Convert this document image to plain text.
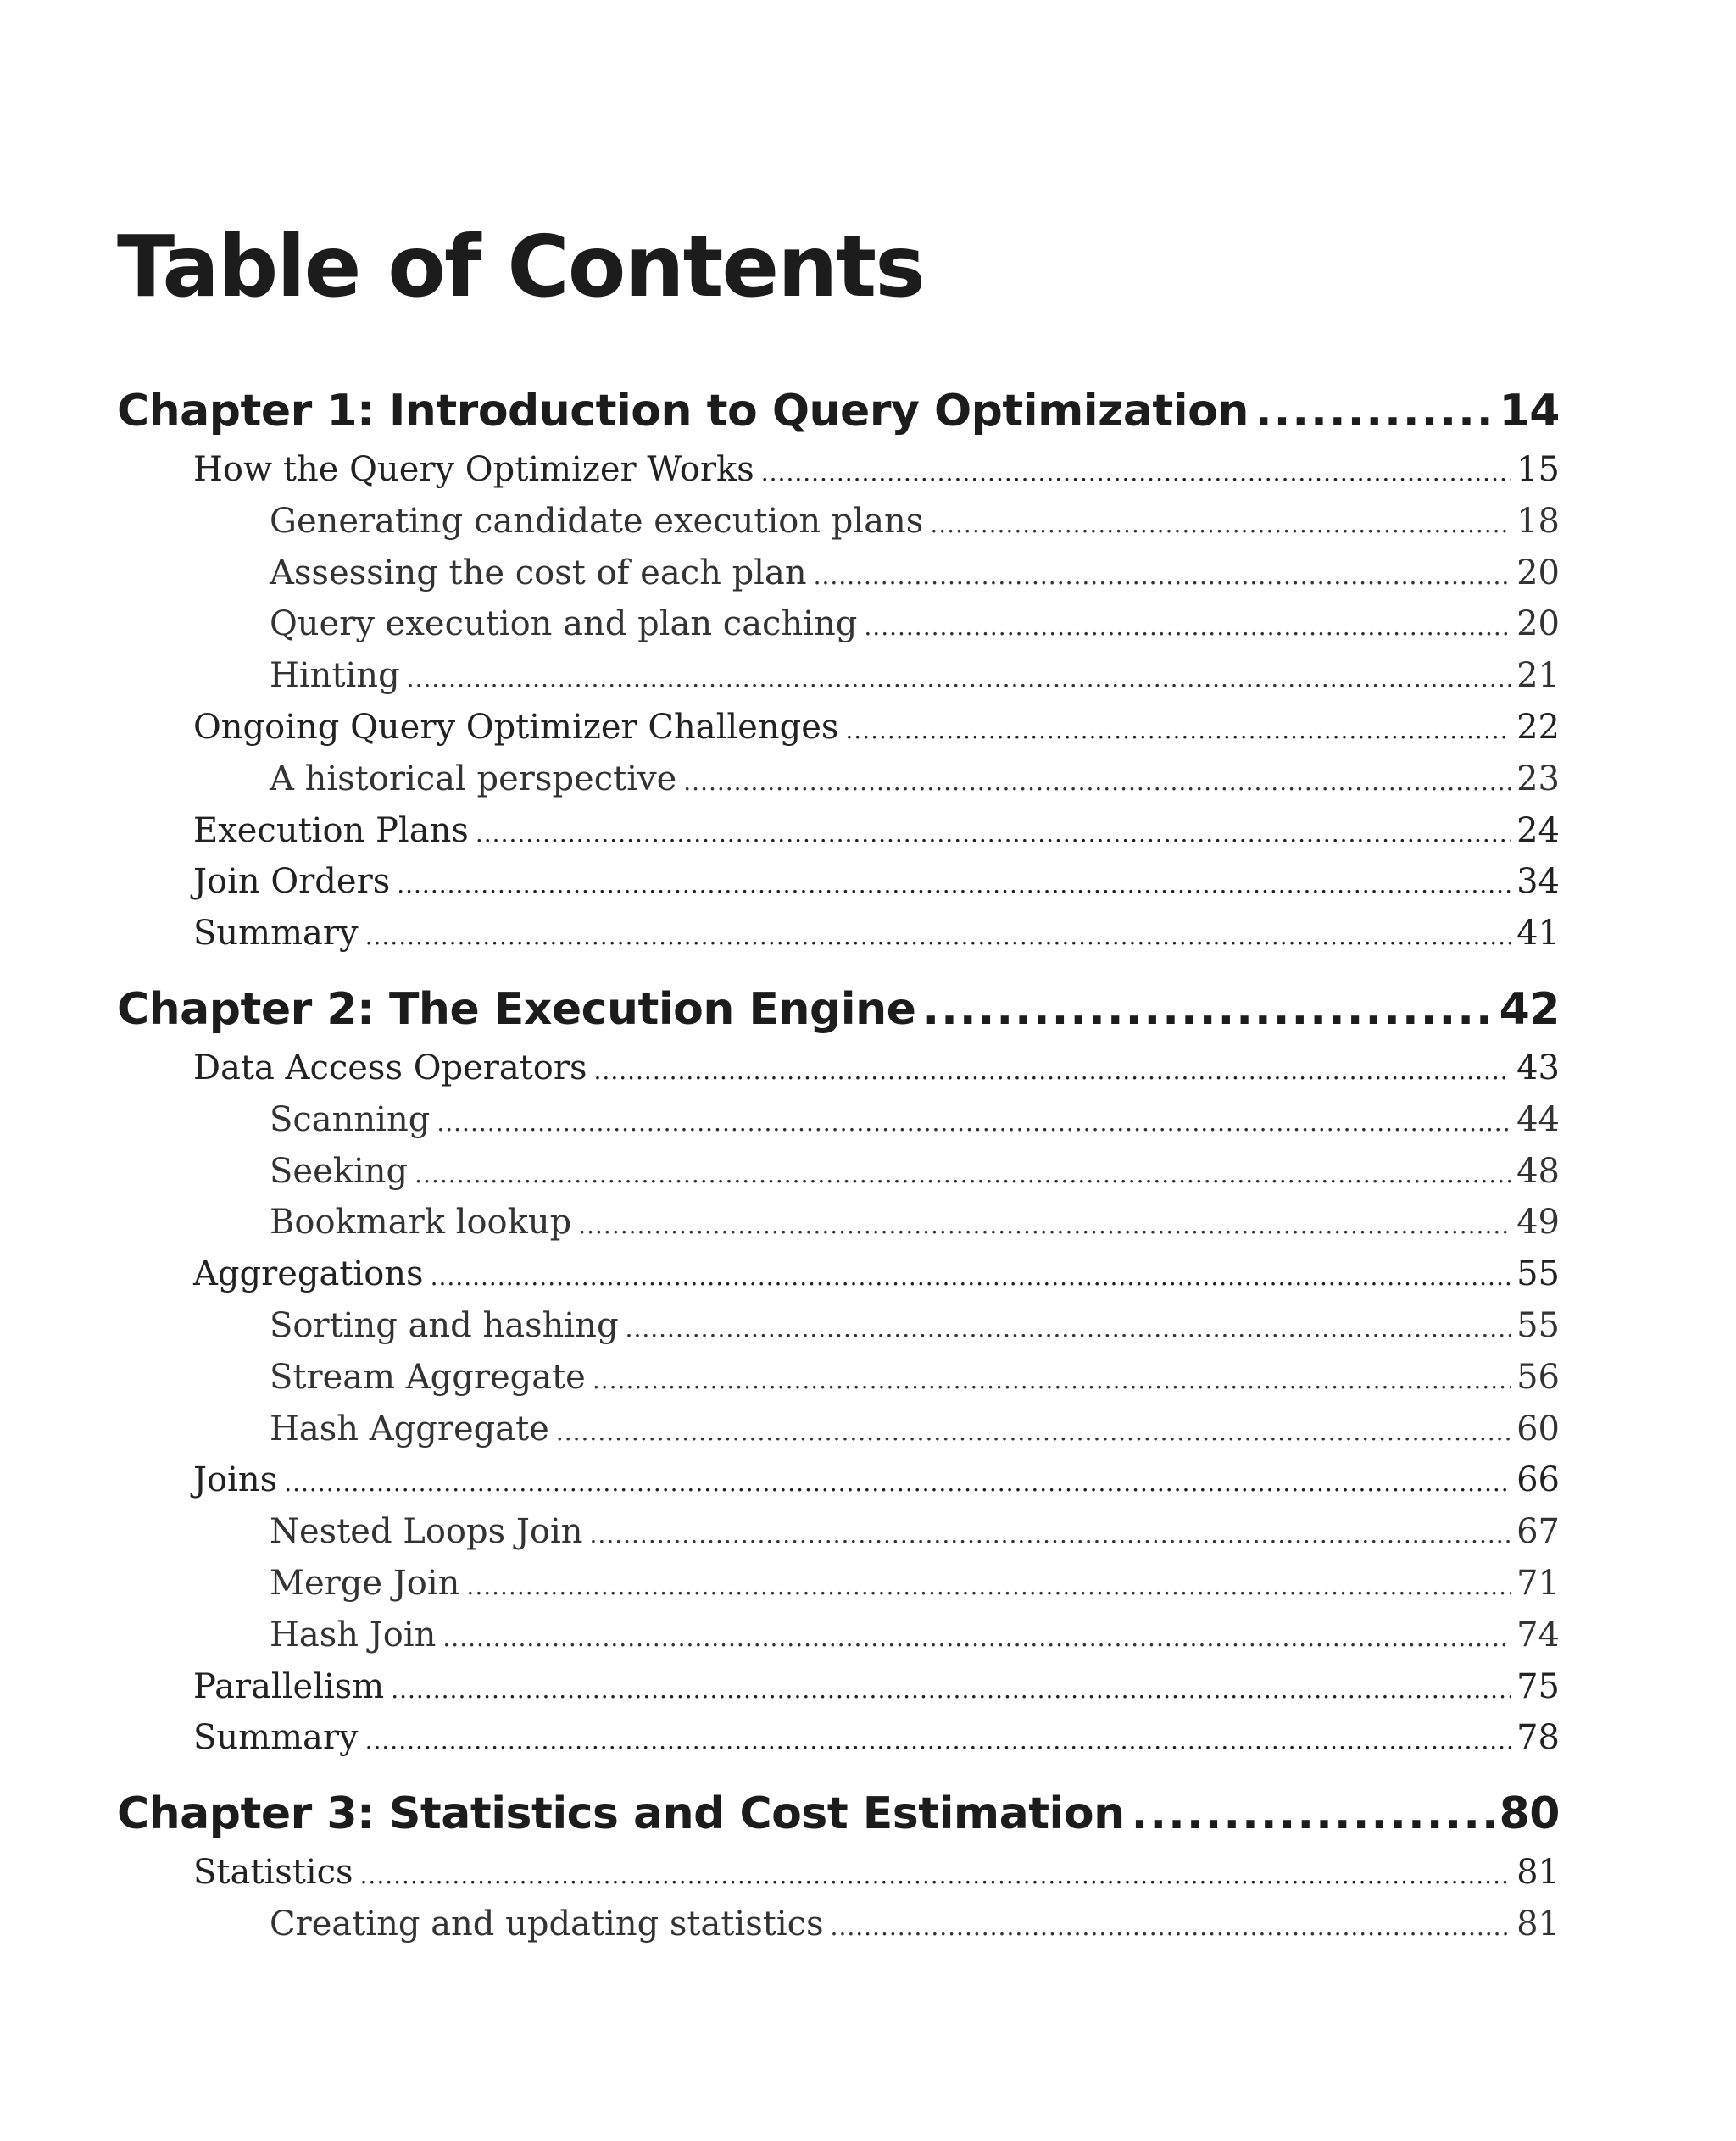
Table of Contents
Chapter 1: Introduction to Query Optimization .....	14
How the Query Optimizer Works .....	15
Generating candidate execution plans .....	18
Assessing the cost of each plan .....	20
Query execution and plan caching .....	20
Hinting .....	21
Ongoing Query Optimizer Challenges .....	22
A historical perspective .....	23
Execution Plans .....	24
Join Orders .....	34
Summary .....	41
Chapter 2: The Execution Engine .....	42
Data Access Operators .....	43
Scanning .....	44
Seeking .....	48
Bookmark lookup .....	49
Aggregations .....	55
Sorting and hashing .....	55
Stream Aggregate .....	56
Hash Aggregate .....	60
Joins .....	66
Nested Loops Join .....	67
Merge Join .....	71
Hash Join .....	74
Parallelism .....	75
Summary .....	78
Chapter 3: Statistics and Cost Estimation .....	80
Statistics .....	81
Creating and updating statistics .....	81
